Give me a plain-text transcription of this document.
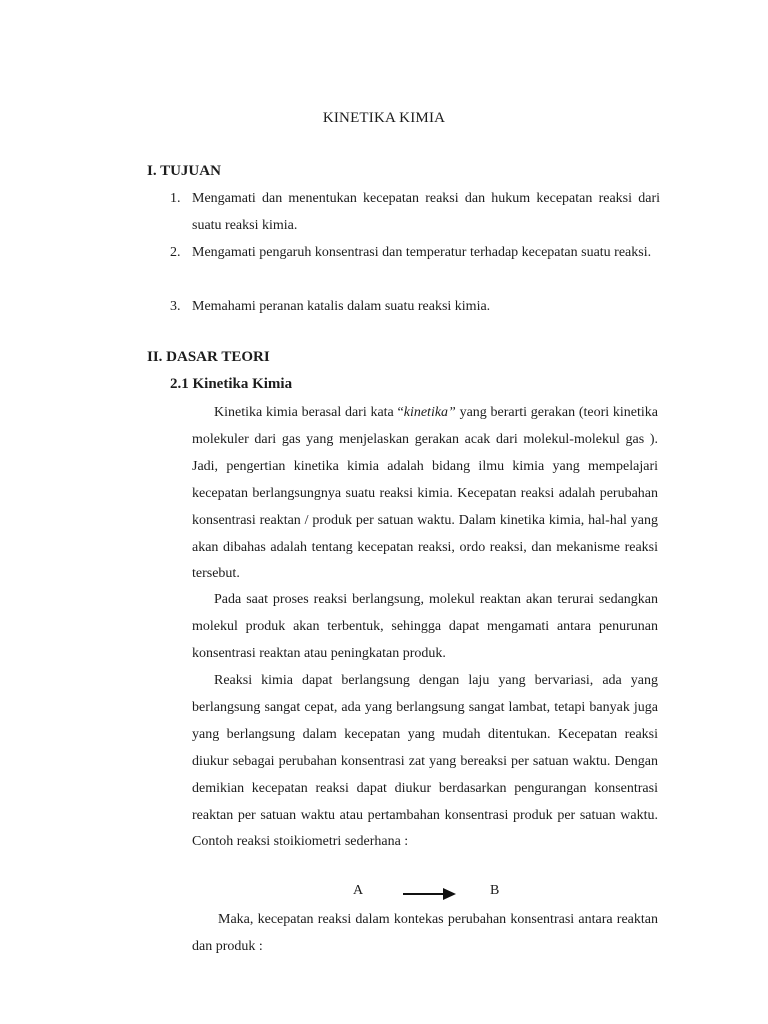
KINETIKA KIMIA
I. TUJUAN
1. Mengamati dan menentukan kecepatan reaksi dan hukum kecepatan reaksi dari suatu reaksi kimia.
2. Mengamati pengaruh konsentrasi dan temperatur terhadap kecepatan suatu reaksi.
3. Memahami peranan katalis dalam suatu reaksi kimia.
II. DASAR TEORI
2.1 Kinetika Kimia
Kinetika kimia berasal dari kata “kinetika” yang berarti gerakan (teori kinetika molekuler dari gas yang menjelaskan gerakan acak dari molekul-molekul gas ). Jadi, pengertian kinetika kimia adalah bidang ilmu kimia yang mempelajari kecepatan berlangsungnya suatu reaksi kimia. Kecepatan reaksi adalah perubahan konsentrasi reaktan / produk per satuan waktu. Dalam kinetika kimia, hal-hal yang akan dibahas adalah tentang kecepatan reaksi, ordo reaksi, dan mekanisme reaksi tersebut.
Pada saat proses reaksi berlangsung, molekul reaktan akan terurai sedangkan molekul produk akan terbentuk, sehingga dapat mengamati antara penurunan konsentrasi reaktan atau peningkatan produk.
Reaksi kimia dapat berlangsung dengan laju yang bervariasi, ada yang berlangsung sangat cepat, ada yang berlangsung sangat lambat, tetapi banyak juga yang berlangsung dalam kecepatan yang mudah ditentukan. Kecepatan reaksi diukur sebagai perubahan konsentrasi zat yang bereaksi per satuan waktu. Dengan demikian kecepatan reaksi dapat diukur berdasarkan pengurangan konsentrasi reaktan per satuan waktu atau pertambahan konsentrasi produk per satuan waktu. Contoh reaksi stoikiometri sederhana :
A	B
Maka, kecepatan reaksi dalam kontekas perubahan konsentrasi antara reaktan dan produk :
